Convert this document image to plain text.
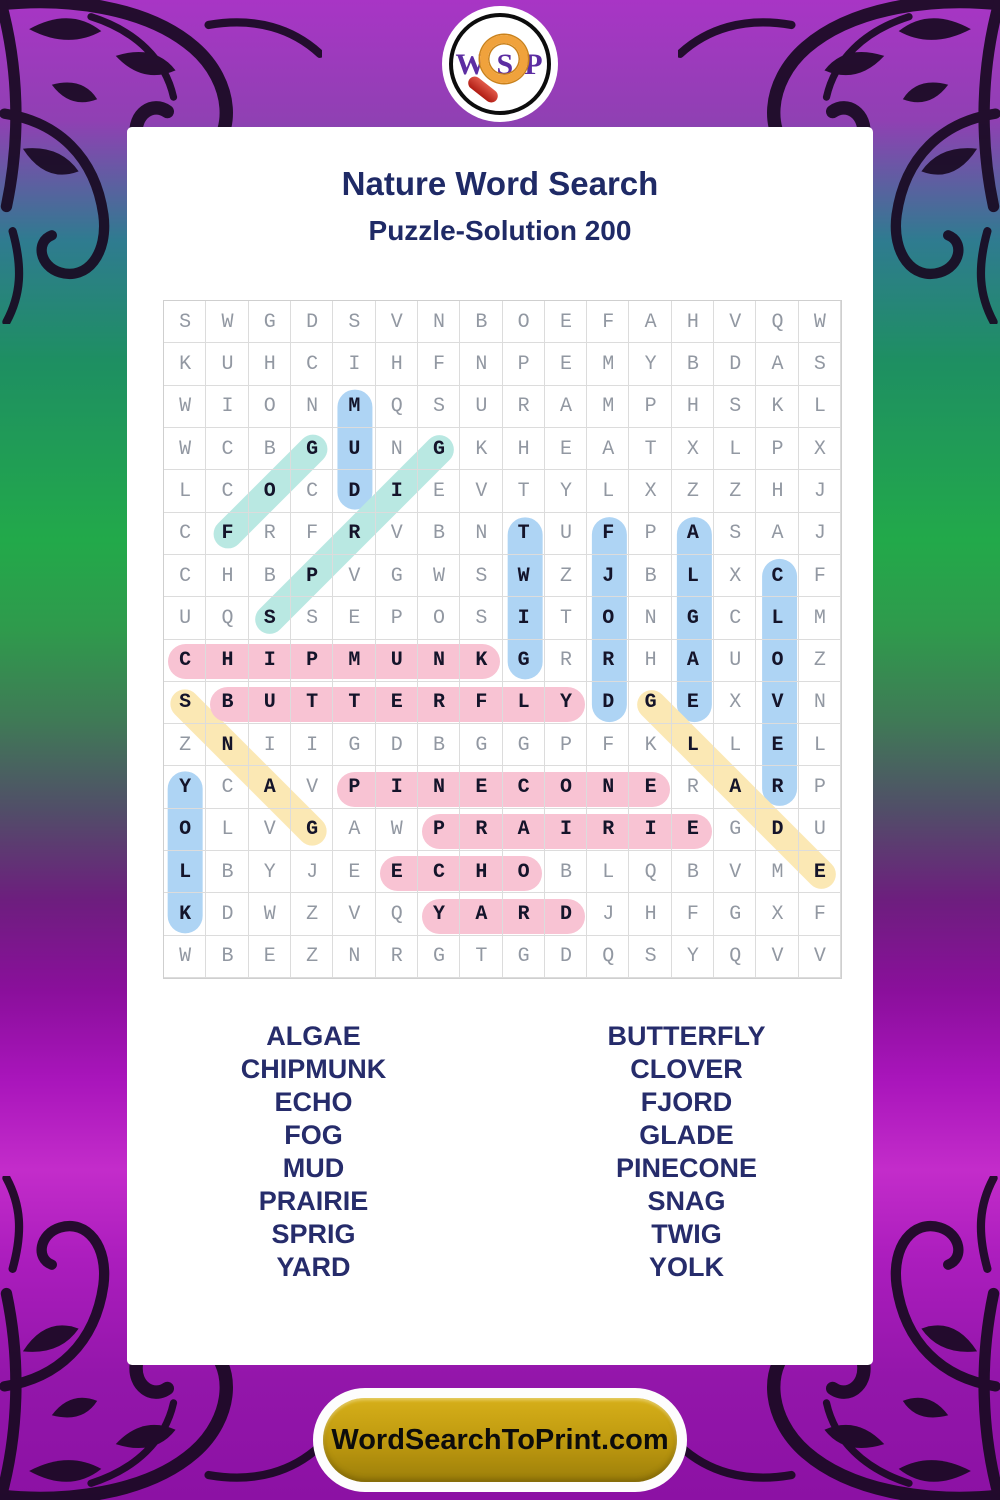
WSP
Nature Word Search
Puzzle-Solution 200
S	W	G	D	S	V	N	B	O	E	F	A	H	V	Q	W
K	U	H	C	I	H	F	N	P	E	M	Y	B	D	A	S
W	I	O	N	M	Q	S	U	R	A	M	P	H	S	K	L
W	C	B	G	U	N	G	K	H	E	A	T	X	L	P	X
L	C	O	C	D	I	E	V	T	Y	L	X	Z	Z	H	J
C	F	R	F	R	V	B	N	T	U	F	P	A	S	A	J
C	H	B	P	V	G	W	S	W	Z	J	B	L	X	C	F
U	Q	S	S	E	P	O	S	I	T	O	N	G	C	L	M
C	H	I	P	M	U	N	K	G	R	R	H	A	U	O	Z
S	B	U	T	T	E	R	F	L	Y	D	G	E	X	V	N
Z	N	I	I	G	D	B	G	G	P	F	K	L	L	E	L
Y	C	A	V	P	I	N	E	C	O	N	E	R	A	R	P
O	L	V	G	A	W	P	R	A	I	R	I	E	G	D	U
L	B	Y	J	E	E	C	H	O	B	L	Q	B	V	M	E
K	D	W	Z	V	Q	Y	A	R	D	J	H	F	G	X	F
W	B	E	Z	N	R	G	T	G	D	Q	S	Y	Q	V	V
ALGAE
CHIPMUNK
ECHO
FOG
MUD
PRAIRIE
SPRIG
YARD
BUTTERFLY
CLOVER
FJORD
GLADE
PINECONE
SNAG
TWIG
YOLK
WordSearchToPrint.com
